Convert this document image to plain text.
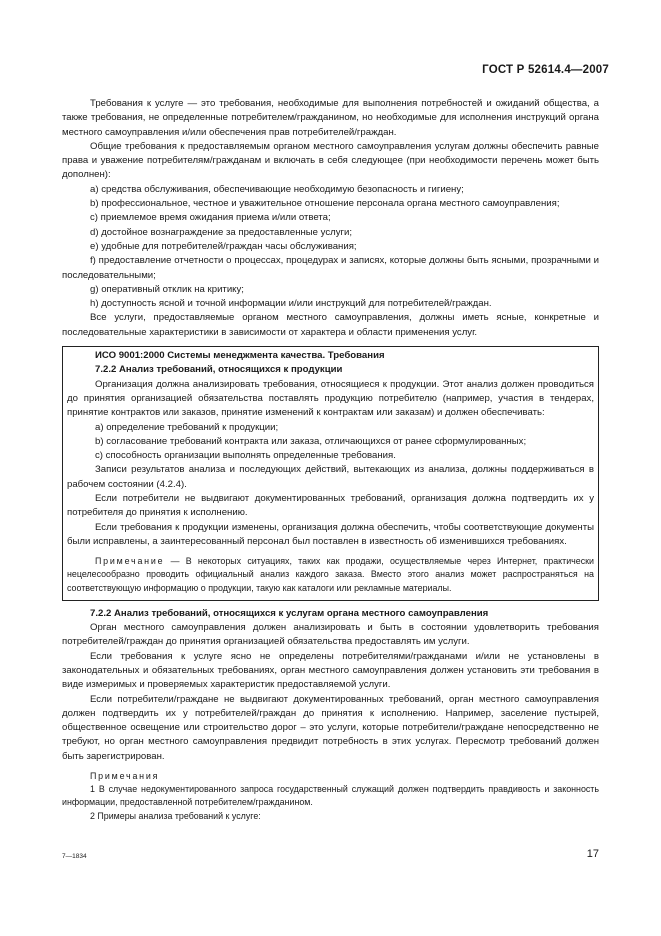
ГОСТ Р 52614.4—2007

Требования к услуге — это требования, необходимые для выполнения потребностей и ожиданий общества, а также требования, не определенные потребителем/гражданином, но необходимые для исполнения инструкций органа местного самоуправления и/или обеспечения прав потребителей/граждан.

Общие требования к предоставляемым органом местного самоуправления услугам должны обеспечить равные права и уважение потребителям/гражданам и включать в себя следующее (при необходимости перечень может быть дополнен):

a) средства обслуживания, обеспечивающие необходимую безопасность и гигиену;

b) профессиональное, честное и уважительное отношение персонала органа местного самоуправления;

c) приемлемое время ожидания приема и/или ответа;

d) достойное вознаграждение за предоставленные услуги;

e) удобные для потребителей/граждан часы обслуживания;

f) предоставление отчетности о процессах, процедурах и записях, которые должны быть ясными, прозрачными и последовательными;

g) оперативный отклик на критику;

h) доступность ясной и точной информации и/или инструкций для потребителей/граждан.

Все услуги, предоставляемые органом местного самоуправления, должны иметь ясные, конкретные и последовательные характеристики в зависимости от характера и области применения услуг.

ИСО 9001:2000 Системы менеджмента качества. Требования

7.2.2 Анализ требований, относящихся к продукции

Организация должна анализировать требования, относящиеся к продукции. Этот анализ должен проводиться до принятия организацией обязательства поставлять продукцию потребителю (например, участия в тендерах, принятие контрактов или заказов, принятие изменений к контрактам или заказам) и должен обеспечивать:

a) определение требований к продукции;

b) согласование требований контракта или заказа, отличающихся от ранее сформулированных;

c) способность организации выполнять определенные требования.

Записи результатов анализа и последующих действий, вытекающих из анализа, должны поддерживаться в рабочем состоянии (4.2.4).

Если потребители не выдвигают документированных требований, организация должна подтвердить их у потребителя до принятия к исполнению.

Если требования к продукции изменены, организация должна обеспечить, чтобы соответствующие документы были исправлены, а заинтересованный персонал был поставлен в известность об изменившихся требованиях.

Примечание — В некоторых ситуациях, таких как продажи, осуществляемые через Интернет, практически нецелесообразно проводить официальный анализ каждого заказа. Вместо этого анализ может распространяться на соответствующую информацию о продукции, такую как каталоги или рекламные материалы.

7.2.2 Анализ требований, относящихся к услугам органа местного самоуправления

Орган местного самоуправления должен анализировать и быть в состоянии удовлетворить требования потребителей/граждан до принятия организацией обязательства предоставлять им услуги.

Если требования к услуге ясно не определены потребителями/гражданами и/или не установлены в законодательных и обязательных требованиях, орган местного самоуправления должен установить эти требования в виде измеримых и проверяемых характеристик предоставляемой услуги.

Если потребители/граждане не выдвигают документированных требований, орган местного самоуправления должен подтвердить их у потребителей/граждан до принятия к исполнению. Например, заселение пустырей, общественное освещение или строительство дорог – это услуги, которые потребители/граждане непосредственно не требуют, но орган местного самоуправления предвидит потребность в этих услугах. Пересмотр требований должен быть зарегистрирован.

Примечания

1 В случае недокументированного запроса государственный служащий должен подтвердить правдивость и законность информации, предоставленной потребителем/гражданином.

2 Примеры анализа требований к услуге:

7—1834	17
